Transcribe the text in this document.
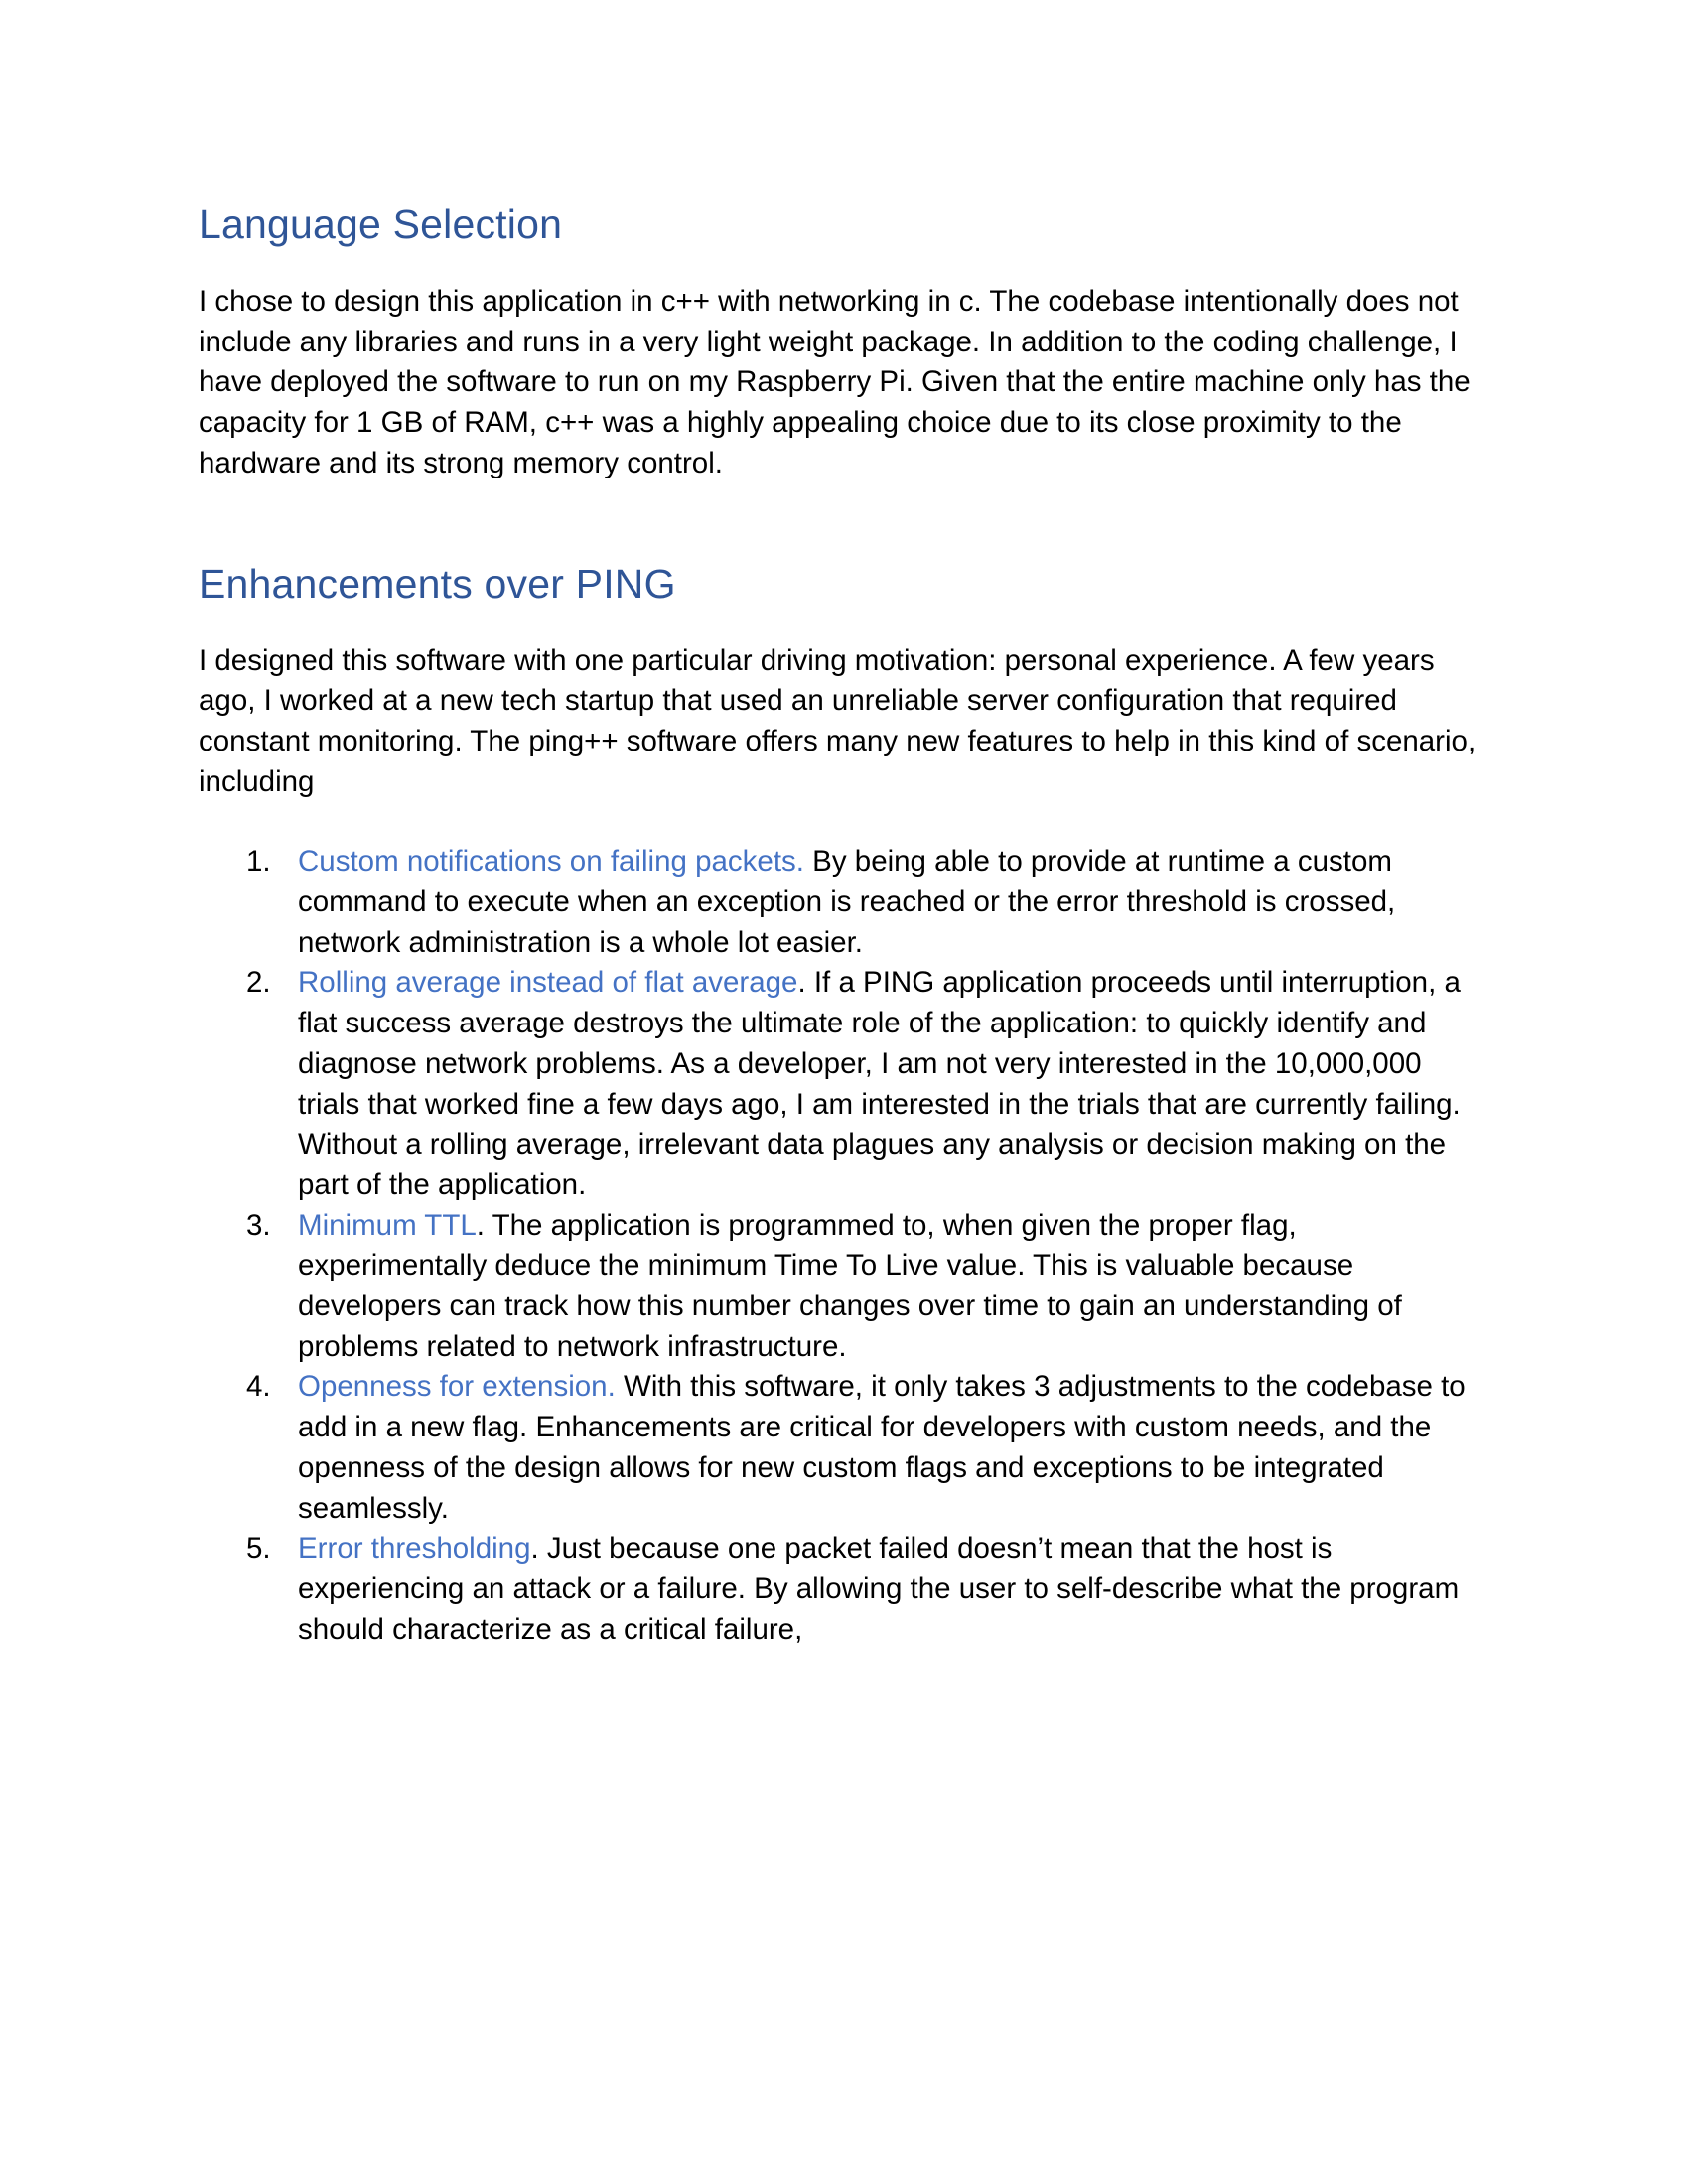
Language Selection

I chose to design this application in c++ with networking in c. The codebase intentionally does not include any libraries and runs in a very light weight package. In addition to the coding challenge, I have deployed the software to run on my Raspberry Pi. Given that the entire machine only has the capacity for 1 GB of RAM, c++ was a highly appealing choice due to its close proximity to the hardware and its strong memory control.

Enhancements over PING

I designed this software with one particular driving motivation: personal experience. A few years ago, I worked at a new tech startup that used an unreliable server configuration that required constant monitoring. The ping++ software offers many new features to help in this kind of scenario, including

1. Custom notifications on failing packets. By being able to provide at runtime a custom command to execute when an exception is reached or the error threshold is crossed, network administration is a whole lot easier.
2. Rolling average instead of flat average. If a PING application proceeds until interruption, a flat success average destroys the ultimate role of the application: to quickly identify and diagnose network problems. As a developer, I am not very interested in the 10,000,000 trials that worked fine a few days ago, I am interested in the trials that are currently failing. Without a rolling average, irrelevant data plagues any analysis or decision making on the part of the application.
3. Minimum TTL. The application is programmed to, when given the proper flag, experimentally deduce the minimum Time To Live value. This is valuable because developers can track how this number changes over time to gain an understanding of problems related to network infrastructure.
4. Openness for extension. With this software, it only takes 3 adjustments to the codebase to add in a new flag. Enhancements are critical for developers with custom needs, and the openness of the design allows for new custom flags and exceptions to be integrated seamlessly.
5. Error thresholding. Just because one packet failed doesn’t mean that the host is experiencing an attack or a failure. By allowing the user to self-describe what the program should characterize as a critical failure,
